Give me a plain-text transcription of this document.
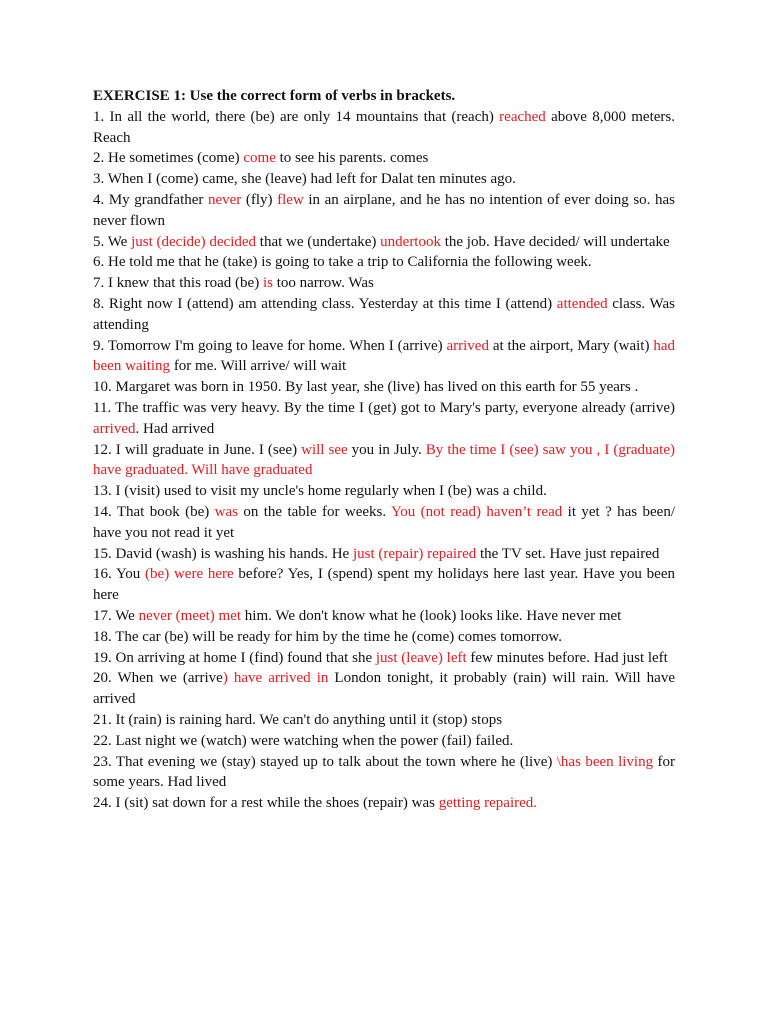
EXERCISE 1: Use the correct form of verbs in brackets.

1. In all the world, there (be) are only 14 mountains that (reach) reached above 8,000 meters. Reach

2. He sometimes (come) come to see his parents. comes

3. When I (come) came, she (leave) had left for Dalat ten minutes ago.

4. My grandfather never (fly) flew in an airplane, and he has no intention of ever doing so. has never flown

5. We just (decide) decided that we (undertake) undertook the job. Have decided/ will undertake

6. He told me that he (take) is going to take a trip to California the following week.

7. I knew that this road (be) is too narrow. Was

8. Right now I (attend) am attending class. Yesterday at this time I (attend) attended class. Was attending

9. Tomorrow I'm going to leave for home. When I (arrive) arrived at the airport, Mary (wait) had been waiting for me. Will arrive/ will wait

10. Margaret was born in 1950. By last year, she (live) has lived on this earth for 55 years .

11. The traffic was very heavy. By the time I (get) got to Mary's party, everyone already (arrive) arrived. Had arrived

12. I will graduate in June. I (see) will see you in July. By the time I (see) saw you , I (graduate) have graduated. Will have graduated

13. I (visit) used to visit my uncle's home regularly when I (be) was a child.

14. That book (be) was on the table for weeks. You (not read) haven’t read it yet ? has been/ have you not read it yet

15. David (wash) is washing his hands. He just (repair) repaired the TV set. Have just repaired

16. You (be) were here before? Yes, I (spend) spent my holidays here last year. Have you been here

17. We never (meet) met him. We don't know what he (look) looks like. Have never met

18. The car (be) will be ready for him by the time he (come) comes tomorrow.

19. On arriving at home I (find) found that she just (leave) left few minutes before. Had just left

20. When we (arrive) have arrived in London tonight, it probably (rain) will rain. Will have arrived

21. It (rain) is raining hard. We can't do anything until it (stop) stops

22. Last night we (watch) were watching when the power (fail) failed.

23. That evening we (stay) stayed up to talk about the town where he (live) \has been living for some years. Had lived

24. I (sit) sat down for a rest while the shoes (repair) was getting repaired.
